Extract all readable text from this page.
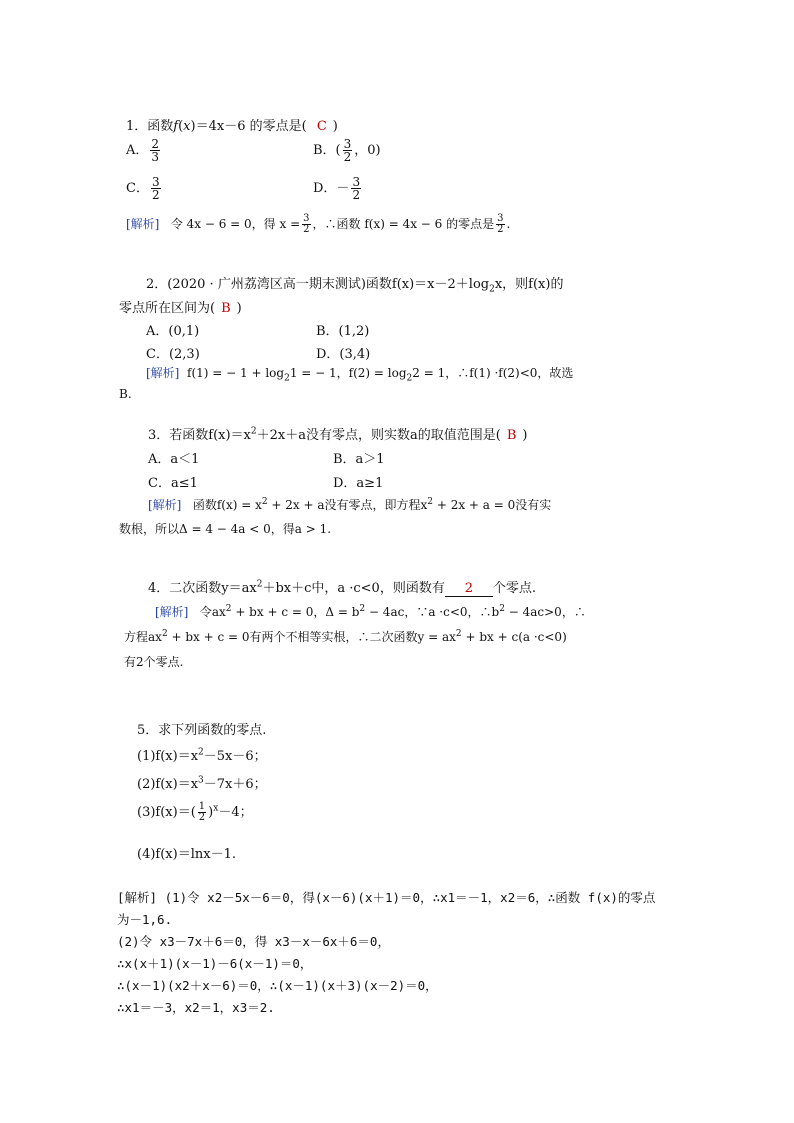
1．函数f(x)＝4x－6 的零点是( C )
A． $\frac{2}{3}$	B．( $\frac{3}{2}$ ，0)
C． $\frac{3}{2}$	D．－ $\frac{3}{2}$
[解析] 令 4x − 6 = 0，得 $x = \frac{3}{2}$ ，∴函数 f(x) = 4x − 6 的零点是 $\frac{3}{2}$ .
2．(2020 · 广州荔湾区高一期末测试)函数$f(x)=x-2+\log_2x$，则f(x)的
零点所在区间为( B )
A．(0,1)	B．(1,2)
C．(2,3)	D．(3,4)
[解析] f(1) = − $1 + \log_21$ = − 1，$f(2) = \log_22 = 1$，∴f(1) ·f(2)<0，故选
B.
3．若函数$f(x)=x^2+2x+a$没有零点，则实数a的取值范围是( B )
A．a＜1	B．a＞1
C．a≤1	D．a≥1
[解析] 函数$f(x) = x^2 + 2x + a$没有零点，即方程$x^2 + 2x + a = 0$没有实
数根，所以Δ = 4 − 4a < 0，得a > 1.
4．二次函数$y=ax^2+bx+c$中，a ·c<0，则函数有 2 个零点.
[解析] 令$ax^2$ + bx + c = 0，$\Delta = b^2 - 4ac$，∵a ·c<0，$\therefore b^2 - 4ac>0$，∴
方程$ax^2$ + bx + c = 0有两个不相等实根，∴二次函数$y = ax^2$ + bx + c(a ·c<0)
有2个零点.
5．求下列函数的零点.
$(1)f(x)=x^2-5x-6$；
$(2)f(x)=x^3-7x+6$；
$(3)f(x)=( \frac{1}{2} )^x-4$；
(4)f(x)＝lnx－1.
[解析] (1)令 x2－5x－6＝0，得(x－6)(x＋1)＝0，∴x1＝－1，x2＝6，∴函数 f(x)的零点
为－1,6.
(2)令 x3－7x＋6＝0，得 x3－x－6x＋6＝0，
∴x(x＋1)(x－1)－6(x－1)＝0，
∴(x－1)(x2＋x－6)＝0，∴(x－1)(x＋3)(x－2)＝0，
∴x1＝－3，x2＝1，x3＝2.
